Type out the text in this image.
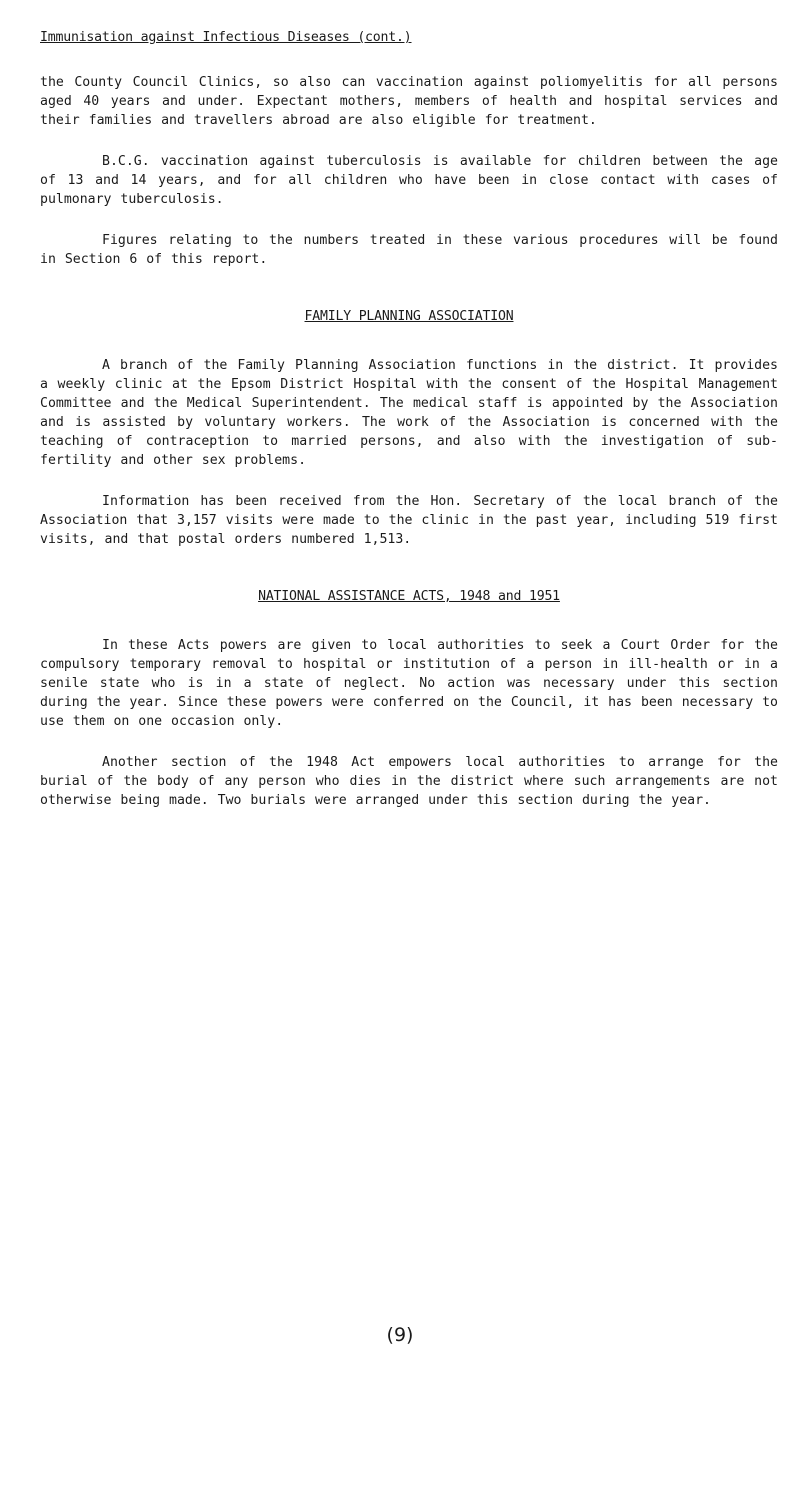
Immunisation against Infectious Diseases (cont.)

the County Council Clinics, so also can vaccination against poliomyelitis for all persons aged 40 years and under. Expectant mothers, members of health and hospital services and their families and travellers abroad are also eligible for treatment.

B.C.G. vaccination against tuberculosis is available for children between the age of 13 and 14 years, and for all children who have been in close contact with cases of pulmonary tuberculosis.

Figures relating to the numbers treated in these various procedures will be found in Section 6 of this report.

FAMILY PLANNING ASSOCIATION

A branch of the Family Planning Association functions in the district. It provides a weekly clinic at the Epsom District Hospital with the consent of the Hospital Management Committee and the Medical Superintendent. The medical staff is appointed by the Association and is assisted by voluntary workers. The work of the Association is concerned with the teaching of contraception to married persons, and also with the investigation of sub-fertility and other sex problems.

Information has been received from the Hon. Secretary of the local branch of the Association that 3,157 visits were made to the clinic in the past year, including 519 first visits, and that postal orders numbered 1,513.

NATIONAL ASSISTANCE ACTS, 1948 and 1951

In these Acts powers are given to local authorities to seek a Court Order for the compulsory temporary removal to hospital or institution of a person in ill-health or in a senile state who is in a state of neglect. No action was necessary under this section during the year. Since these powers were conferred on the Council, it has been necessary to use them on one occasion only.

Another section of the 1948 Act empowers local authorities to arrange for the burial of the body of any person who dies in the district where such arrangements are not otherwise being made. Two burials were arranged under this section during the year.

(9)
